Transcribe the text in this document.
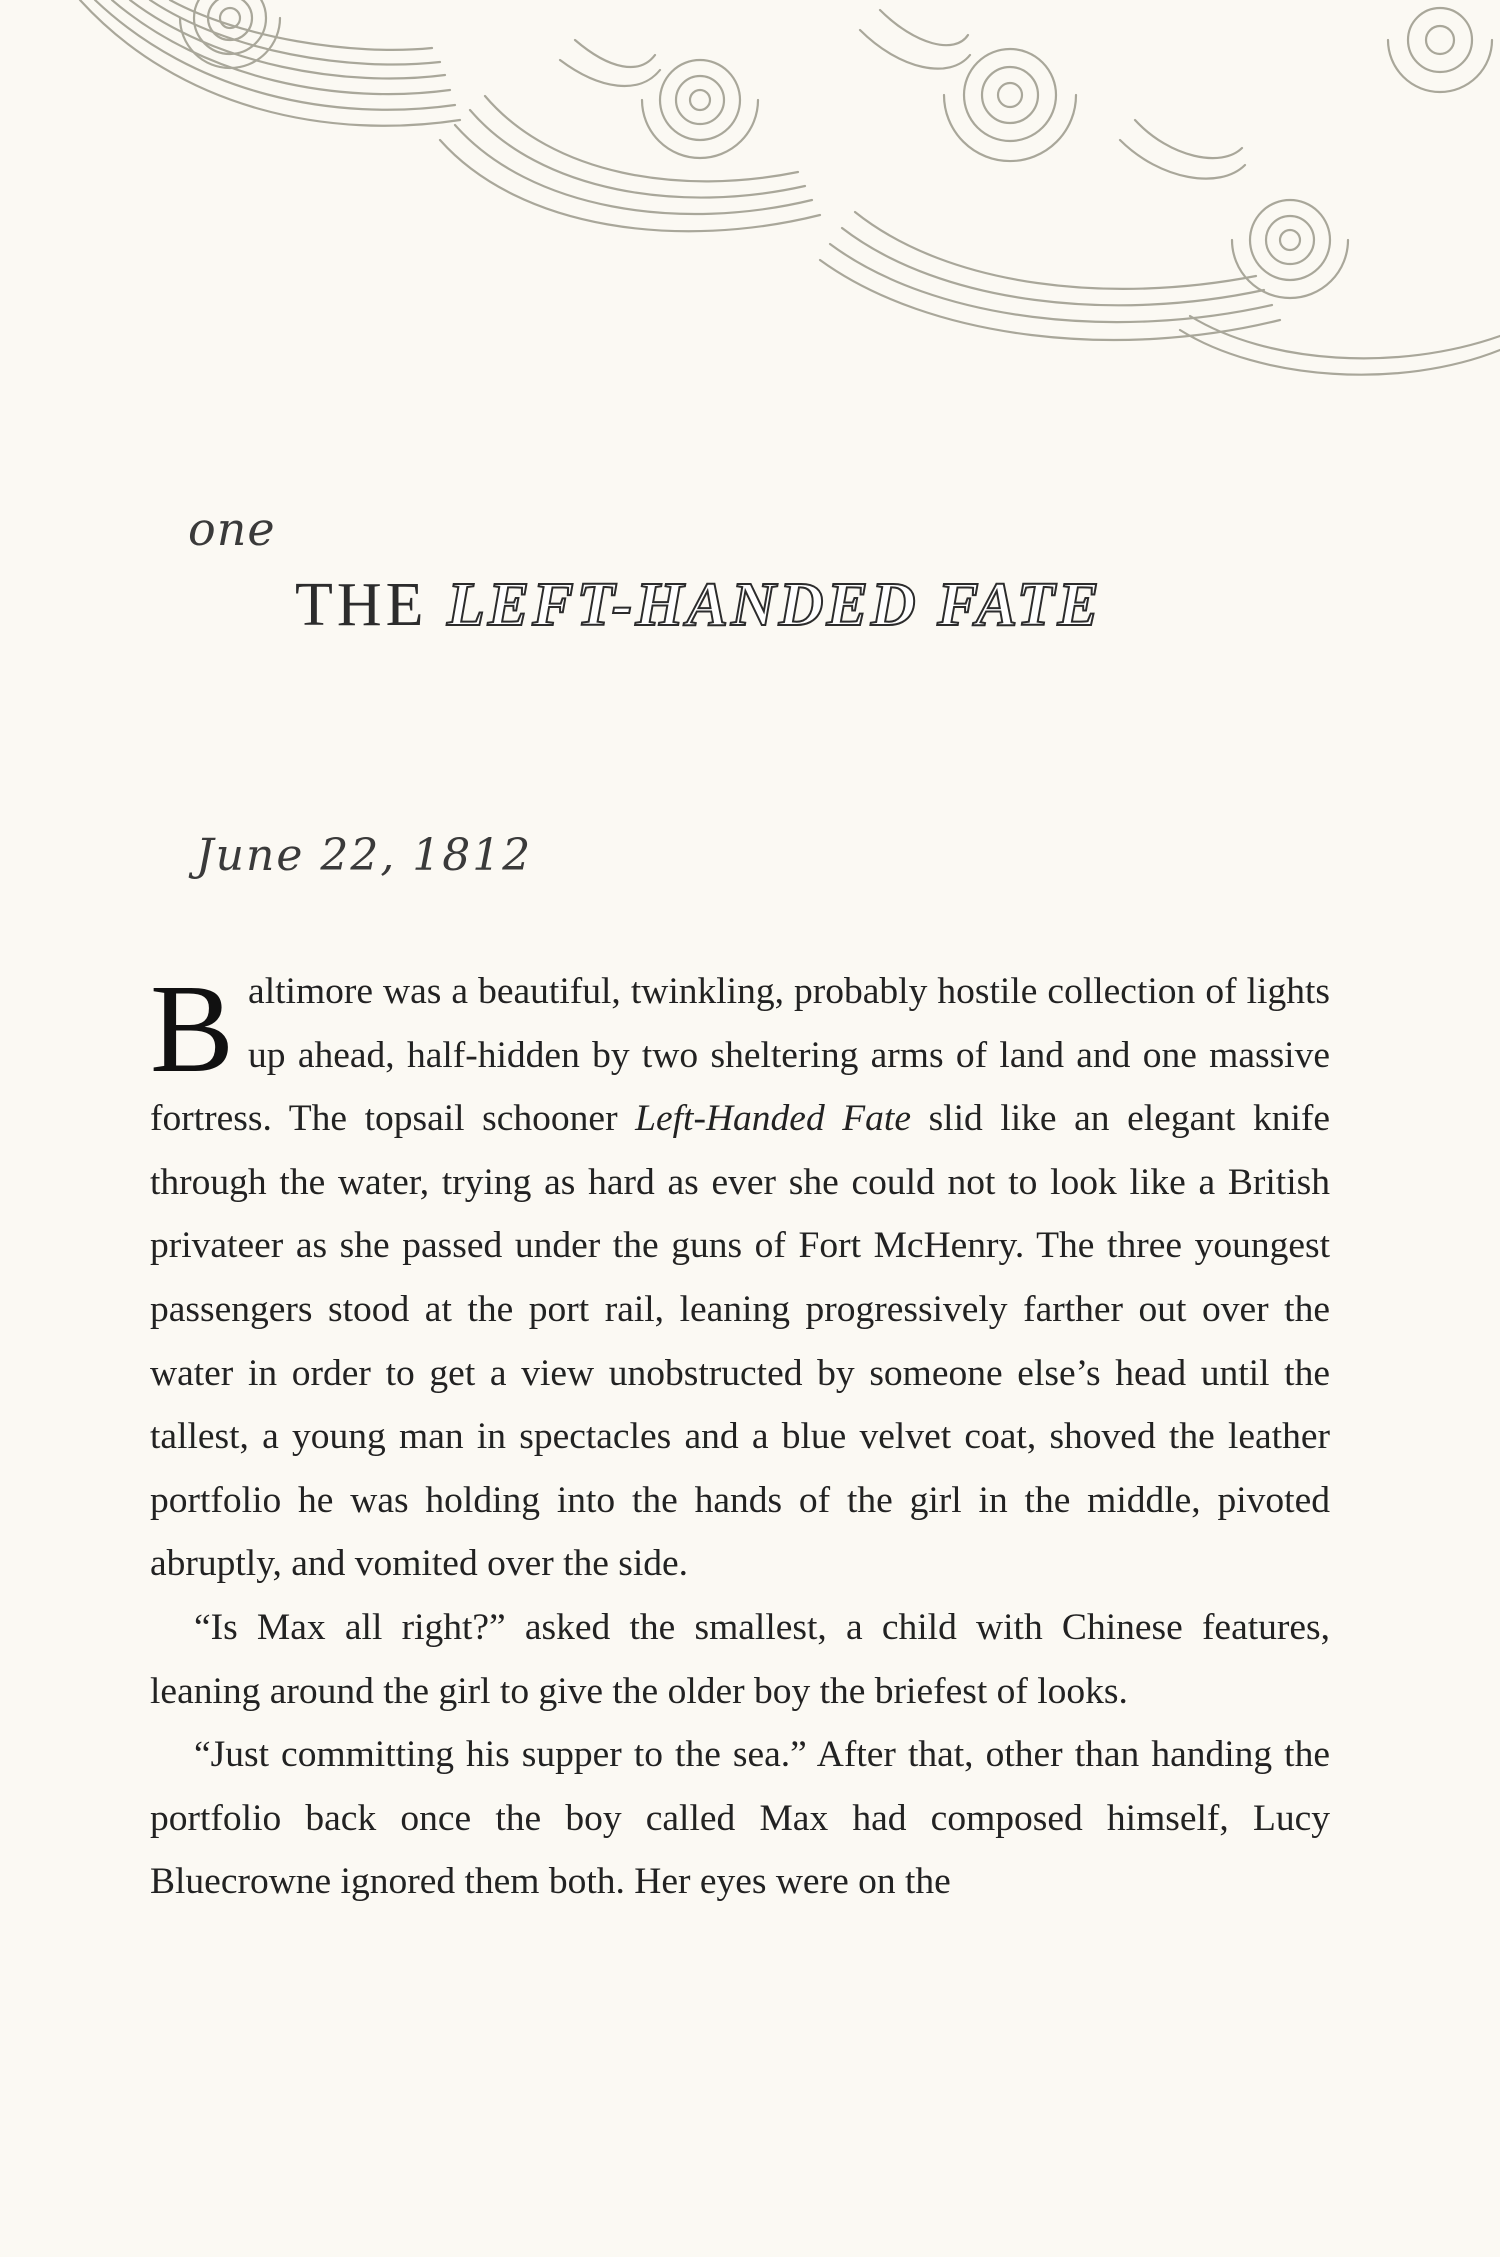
one
THE LEFT-HANDED FATE
June 22, 1812

Baltimore was a beautiful, twinkling, probably hostile collection of lights up ahead, half-hidden by two sheltering arms of land and one massive fortress. The topsail schooner Left-Handed Fate slid like an elegant knife through the water, trying as hard as ever she could not to look like a British privateer as she passed under the guns of Fort McHenry. The three youngest passengers stood at the port rail, leaning progressively farther out over the water in order to get a view unobstructed by someone else’s head until the tallest, a young man in spectacles and a blue velvet coat, shoved the leather portfolio he was holding into the hands of the girl in the middle, pivoted abruptly, and vomited over the side.

“Is Max all right?” asked the smallest, a child with Chinese features, leaning around the girl to give the older boy the briefest of looks.

“Just committing his supper to the sea.” After that, other than handing the portfolio back once the boy called Max had composed himself, Lucy Bluecrowne ignored them both. Her eyes were on the
